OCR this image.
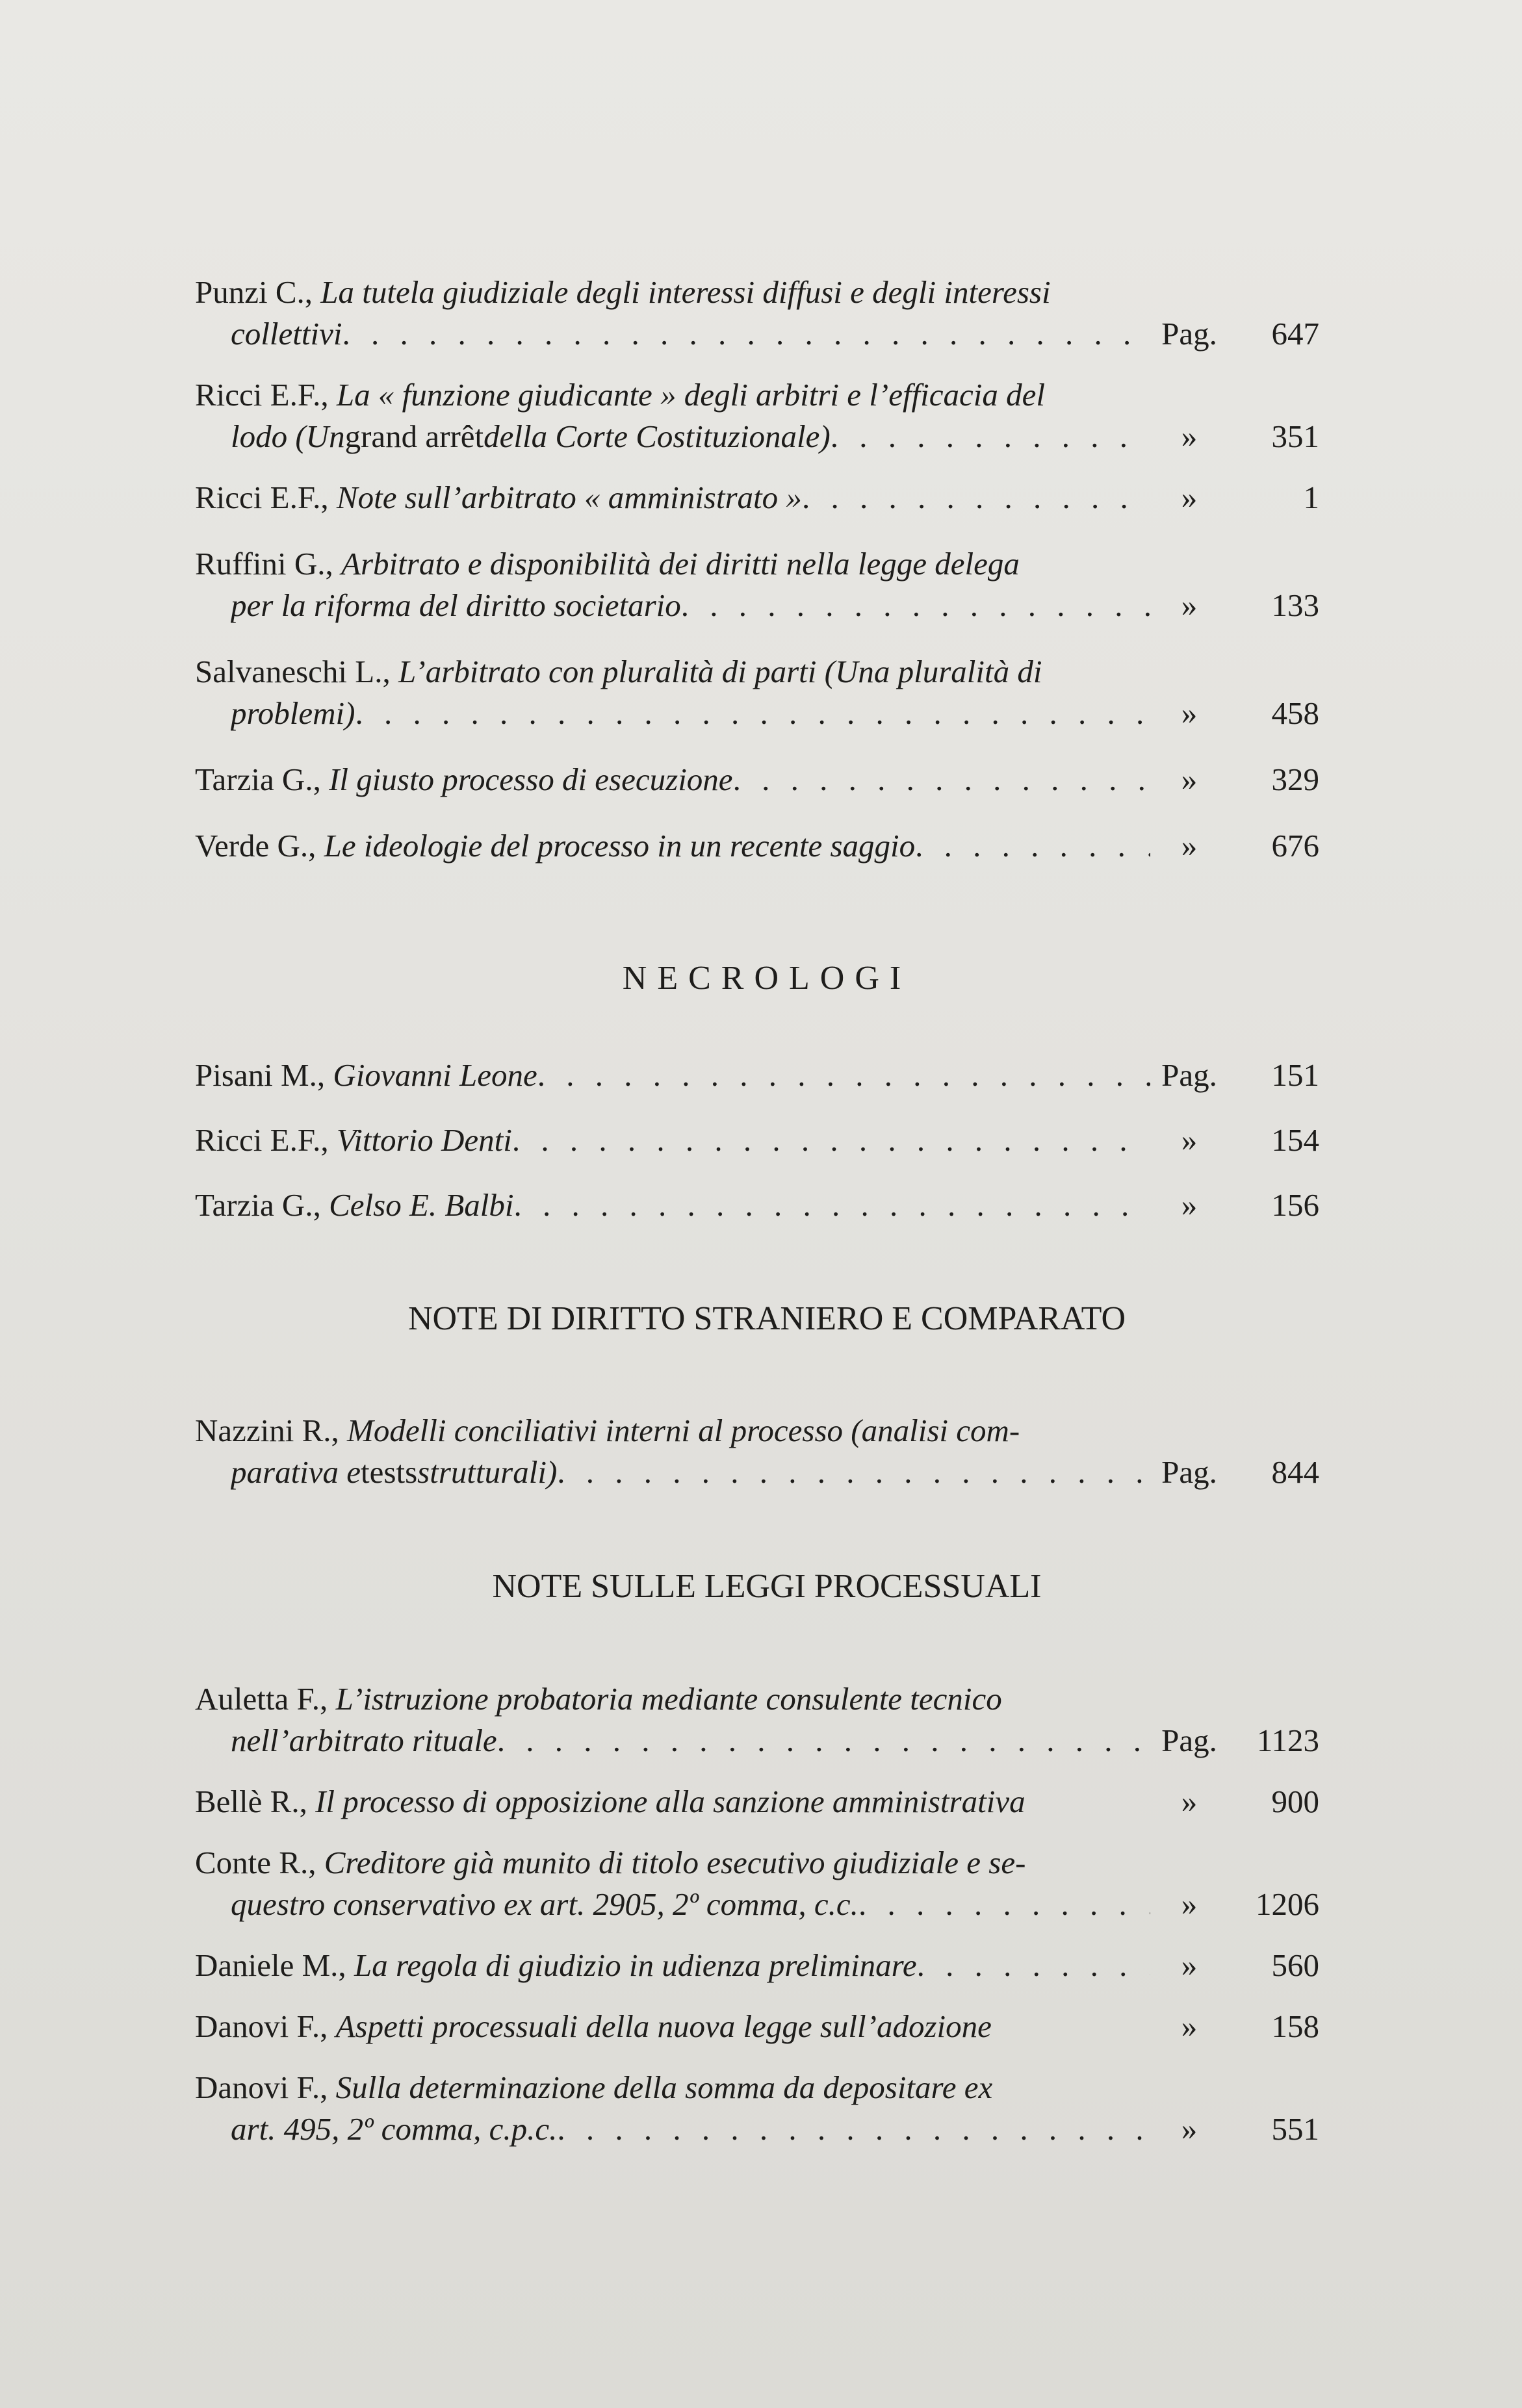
Punzi C.,
La tutela giudiziale degli interessi diffusi e degli interessi
collettivi . . .	Pag.	647
Ricci E.F.,
La « funzione giudicante » degli arbitri e l’efficacia del
lodo (Un grand arrêt della Corte Costituzionale) . . .	»	351
Ricci E.F.,
Note sull’arbitrato « amministrato » . . .	»	1
Ruffini G.,
Arbitrato e disponibilità dei diritti nella legge delega
per la riforma del diritto societario . . .	»	133
Salvaneschi L.,
L’arbitrato con pluralità di parti (Una pluralità di
problemi) . . .	»	458
Tarzia G.,
Il giusto processo di esecuzione . . .	»	329
Verde G.,
Le ideologie del processo in un recente saggio . . .	»	676
NECROLOGI
Pisani M.,
Giovanni Leone . . .	Pag.	151
Ricci E.F.,
Vittorio Denti . . .	»	154
Tarzia G.,
Celso E. Balbi . . .	»	156
NOTE DI DIRITTO STRANIERO E COMPARATO
Nazzini R.,
Modelli conciliativi interni al processo (analisi com-
parativa e tests strutturali) . . .	Pag.	844
NOTE SULLE LEGGI PROCESSUALI
Auletta F.,
L’istruzione probatoria mediante consulente tecnico
nell’arbitrato rituale . . .	Pag.	1123
Bellè R.,
Il processo di opposizione alla sanzione amministrativa	»	900
Conte R.,
Creditore già munito di titolo esecutivo giudiziale e se-
questro conservativo ex art. 2905, 2º comma, c.c. . . .	»	1206
Daniele M.,
La regola di giudizio in udienza preliminare . . .	»	560
Danovi F.,
Aspetti processuali della nuova legge sull’adozione	»	158
Danovi F.,
Sulla determinazione della somma da depositare ex
art. 495, 2º comma, c.p.c. . . .	»	551
